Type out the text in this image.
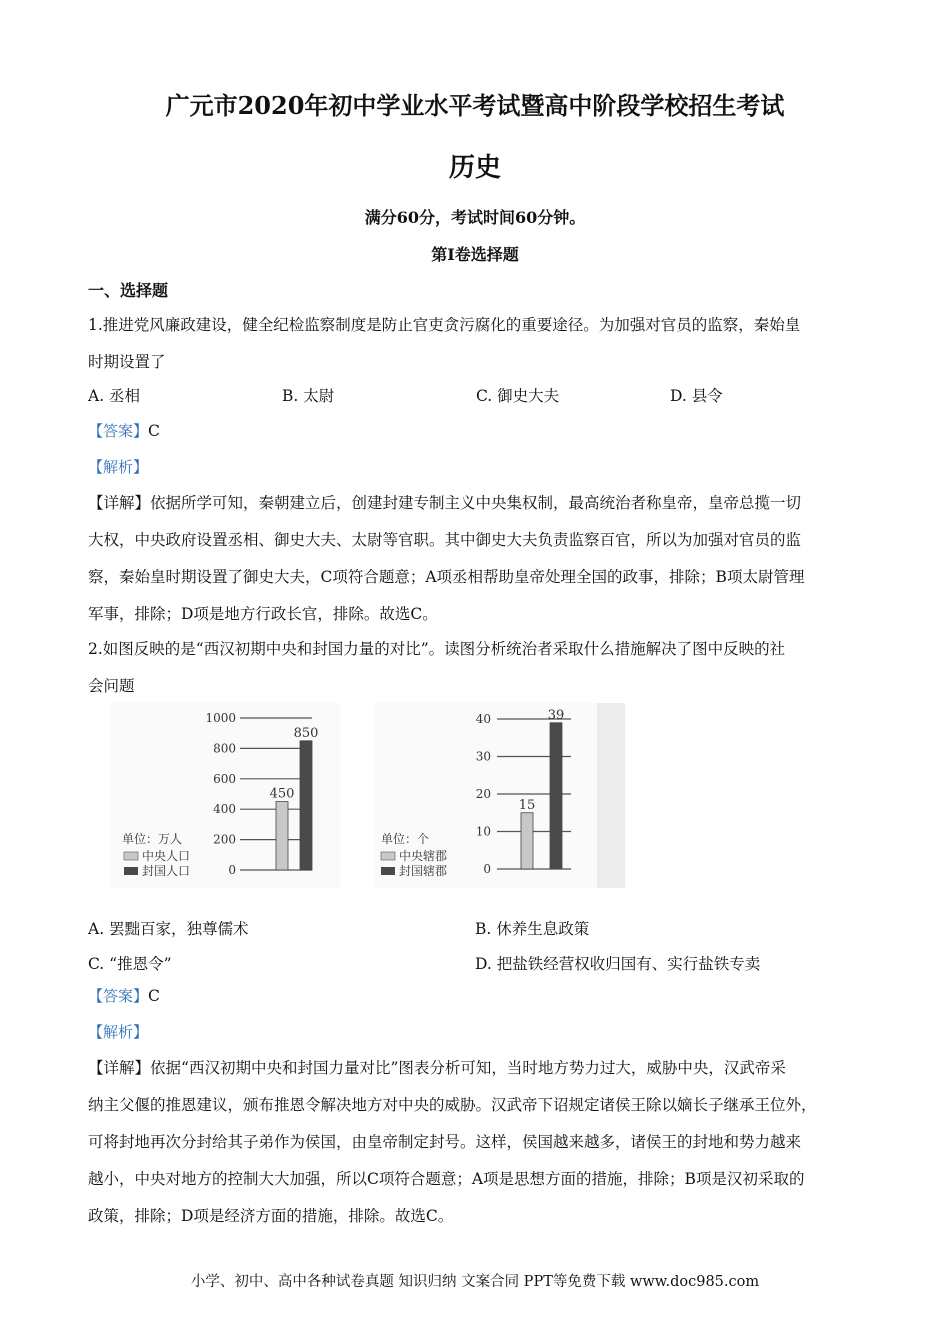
广元市2020年初中学业水平考试暨高中阶段学校招生考试
历史
满分60分，考试时间60分钟。
第Ⅰ卷选择题
一、选择题
1.推进党风廉政建设，健全纪检监察制度是防止官吏贪污腐化的重要途径。为加强对官员的监察，秦始皇
时期设置了
A. 丞相	B. 太尉	C. 御史大夫	D. 县令
【答案】C
【解析】
【详解】依据所学可知，秦朝建立后，创建封建专制主义中央集权制，最高统治者称皇帝，皇帝总揽一切
大权，中央政府设置丞相、御史大夫、太尉等官职。其中御史大夫负责监察百官，所以为加强对官员的监
察，秦始皇时期设置了御史大夫，C项符合题意；A项丞相帮助皇帝处理全国的政事，排除；B项太尉管理
军事，排除；D项是地方行政长官，排除。故选C。
2.如图反映的是“西汉初期中央和封国力量的对比”。读图分析统治者采取什么措施解决了图中反映的社
会问题
0
200
400
600
800
1000
450
850
单位：万人
中央人口
封国人口	0
10
20
30
40
15
39
单位：个
中央辖郡
封国辖郡
A. 罢黜百家，独尊儒术	B. 休养生息政策
C. “推恩令”	D. 把盐铁经营权收归国有、实行盐铁专卖
【答案】C
【解析】
【详解】依据“西汉初期中央和封国力量对比”图表分析可知，当时地方势力过大，威胁中央，汉武帝采
纳主父偃的推恩建议，颁布推恩令解决地方对中央的威胁。汉武帝下诏规定诸侯王除以嫡长子继承王位外，
可将封地再次分封给其子弟作为侯国，由皇帝制定封号。这样，侯国越来越多，诸侯王的封地和势力越来
越小，中央对地方的控制大大加强，所以C项符合题意；A项是思想方面的措施，排除；B项是汉初采取的
政策，排除；D项是经济方面的措施，排除。故选C。
小学、初中、高中各种试卷真题 知识归纳 文案合同 PPT等免费下载 www.doc985.com
